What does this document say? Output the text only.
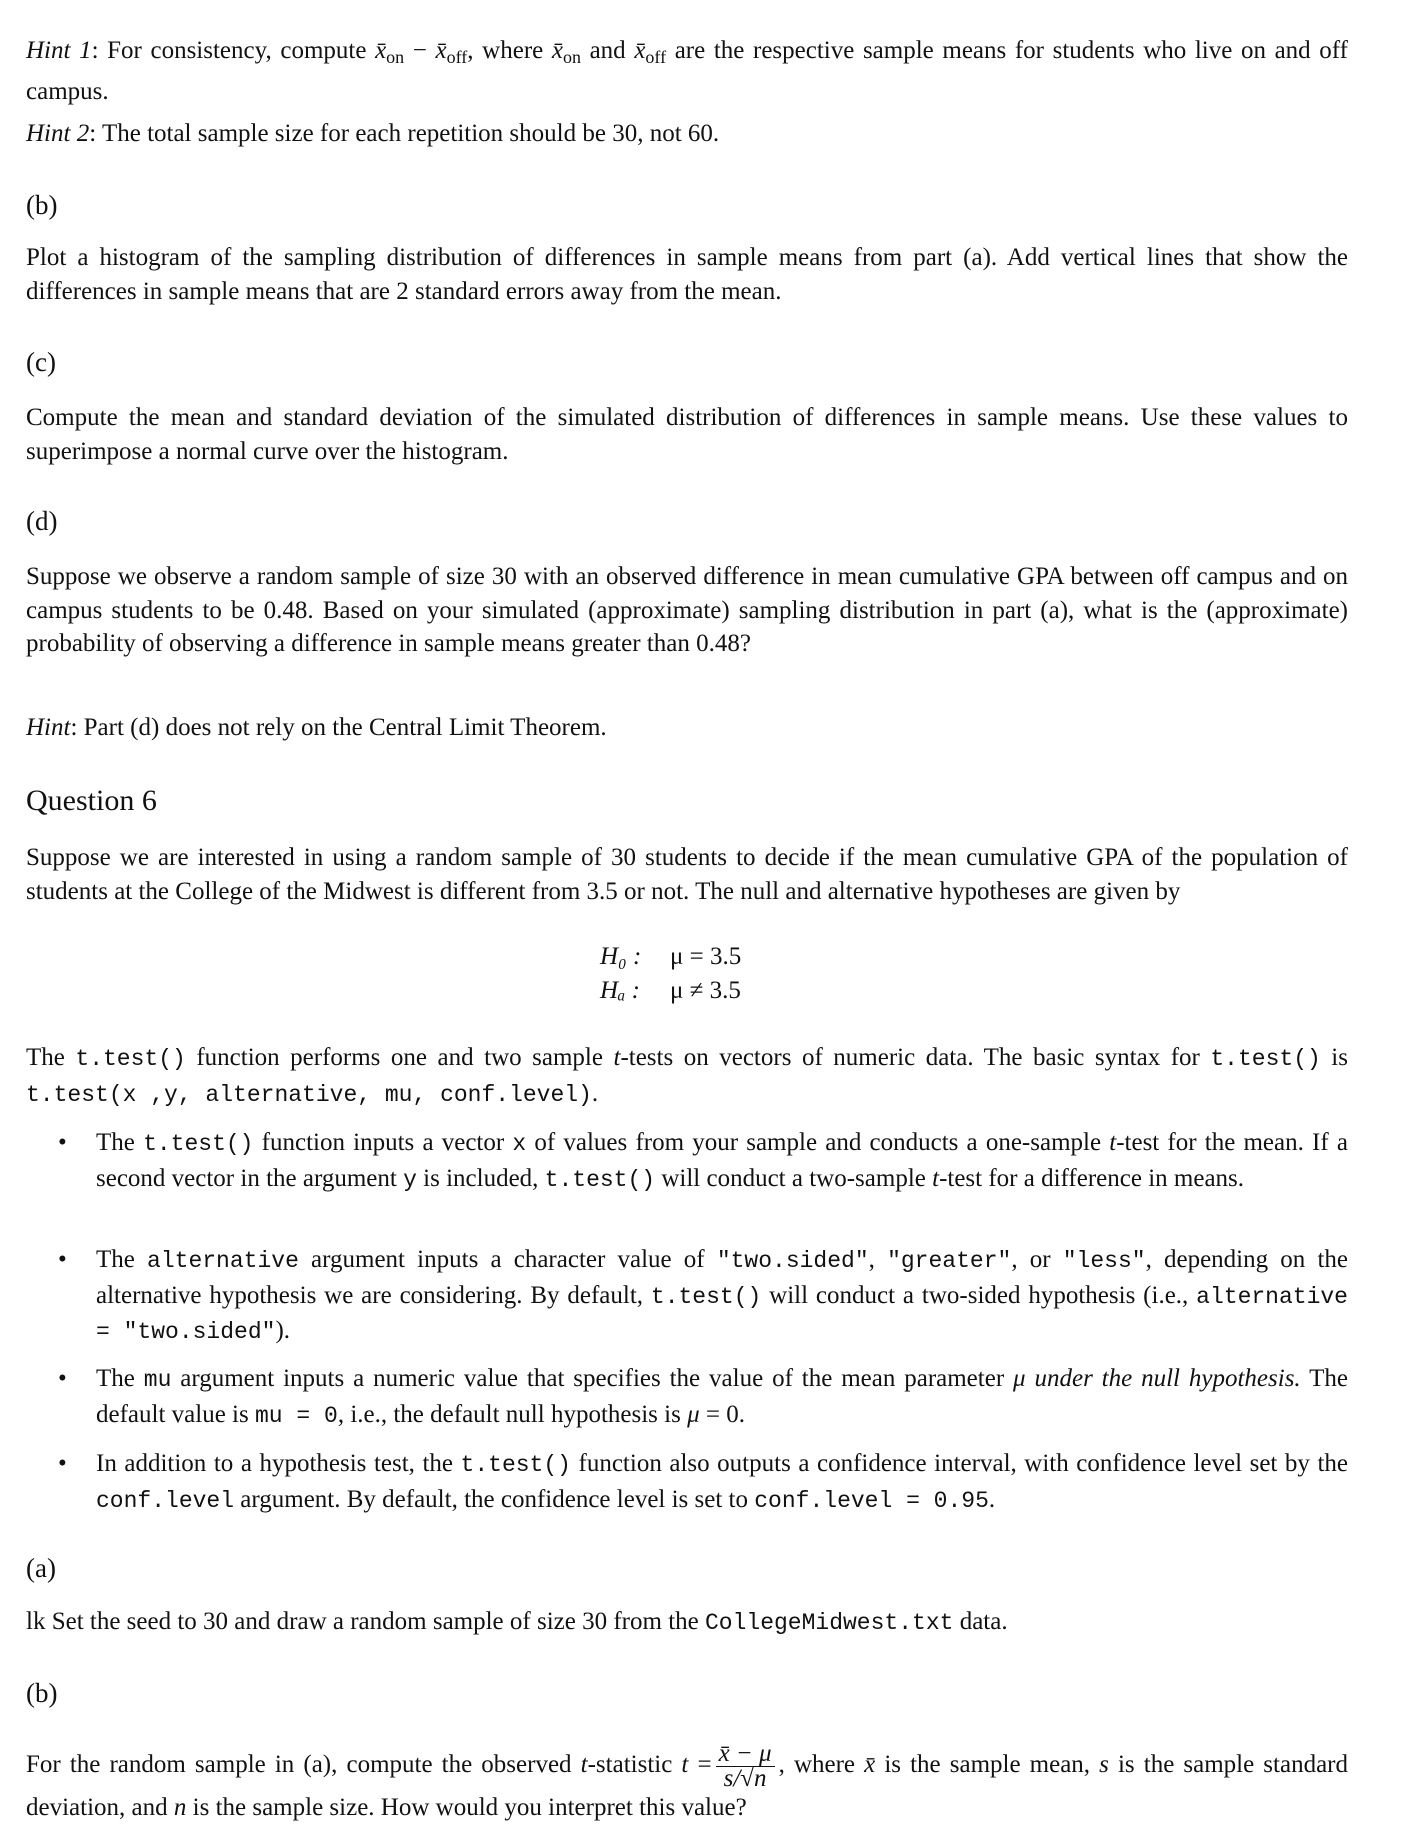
Hint 1: For consistency, compute $x̄_{on}$ − $x̄_{off}$, where $x̄_{on}$ and $x̄_{off}$ are the respective sample means for students who live on and off campus.
Hint 2: The total sample size for each repetition should be 30, not 60.
(b)
Plot a histogram of the sampling distribution of differences in sample means from part (a). Add vertical lines that show the differences in sample means that are 2 standard errors away from the mean.
(c)
Compute the mean and standard deviation of the simulated distribution of differences in sample means. Use these values to superimpose a normal curve over the histogram.
(d)
Suppose we observe a random sample of size 30 with an observed difference in mean cumulative GPA between off campus and on campus students to be 0.48. Based on your simulated (approximate) sampling distribution in part (a), what is the (approximate) probability of observing a difference in sample means greater than 0.48?
Hint: Part (d) does not rely on the Central Limit Theorem.
Question 6
Suppose we are interested in using a random sample of 30 students to decide if the mean cumulative GPA of the population of students at the College of the Midwest is different from 3.5 or not. The null and alternative hypotheses are given by
H₀ : μ = 3.5
Hₐ : μ ≠ 3.5
The t.test() function performs one and two sample t-tests on vectors of numeric data. The basic syntax for t.test() is t.test(x ,y, alternative, mu, conf.level).
• The t.test() function inputs a vector x of values from your sample and conducts a one-sample t-test for the mean. If a second vector in the argument y is included, t.test() will conduct a two-sample t-test for a difference in means.
• The alternative argument inputs a character value of "two.sided", "greater", or "less", depending on the alternative hypothesis we are considering. By default, t.test() will conduct a two-sided hypothesis (i.e., alternative = "two.sided").
• The mu argument inputs a numeric value that specifies the value of the mean parameter μ under the null hypothesis. The default value is mu = 0, i.e., the default null hypothesis is μ = 0.
• In addition to a hypothesis test, the t.test() function also outputs a confidence interval, with confidence level set by the conf.level argument. By default, the confidence level is set to conf.level = 0.95.
(a)
lk Set the seed to 30 and draw a random sample of size 30 from the CollegeMidwest.txt data.
(b)
For the random sample in (a), compute the observed t-statistic $t = \frac{x̄ - \mu}{s/√n}$ , where x̄ is the sample mean, s is the sample standard deviation, and n is the sample size. How would you interpret this value?
